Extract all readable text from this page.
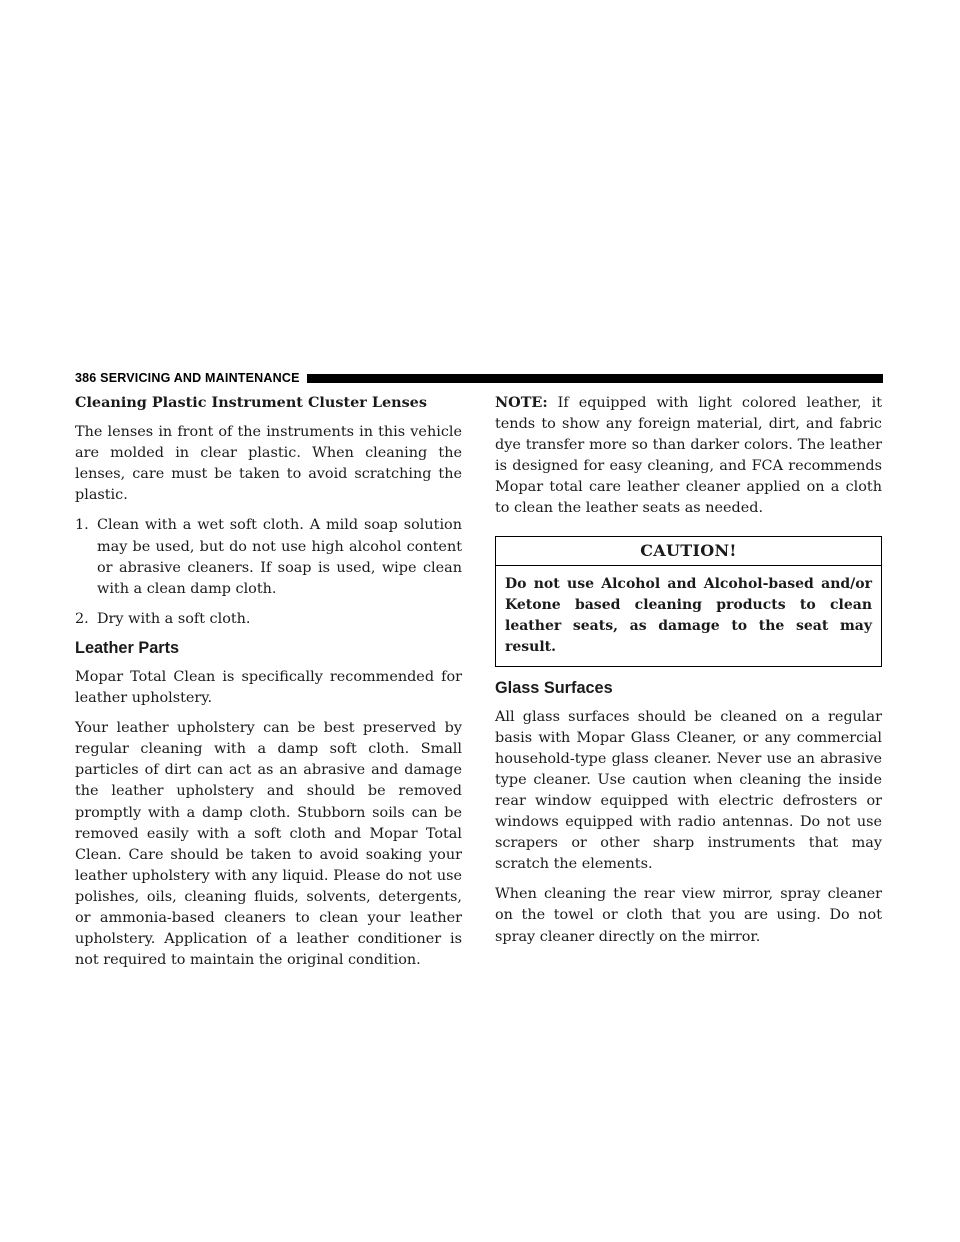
386 SERVICING AND MAINTENANCE
Cleaning Plastic Instrument Cluster Lenses

The lenses in front of the instruments in this vehicle are molded in clear plastic. When cleaning the lenses, care must be taken to avoid scratching the plastic.

1. Clean with a wet soft cloth. A mild soap solution may be used, but do not use high alcohol content or abrasive cleaners. If soap is used, wipe clean with a clean damp cloth.
2. Dry with a soft cloth.
Leather Parts

Mopar Total Clean is specifically recommended for leather upholstery.

Your leather upholstery can be best preserved by regular cleaning with a damp soft cloth. Small particles of dirt can act as an abrasive and damage the leather upholstery and should be removed promptly with a damp cloth. Stubborn soils can be removed easily with a soft cloth and Mopar Total Clean. Care should be taken to avoid soaking your leather upholstery with any liquid. Please do not use polishes, oils, cleaning fluids, solvents, detergents, or ammonia-based cleaners to clean your leather upholstery. Application of a leather conditioner is not required to maintain the original condition.

NOTE: If equipped with light colored leather, it tends to show any foreign material, dirt, and fabric dye transfer more so than darker colors. The leather is designed for easy cleaning, and FCA recommends Mopar total care leather cleaner applied on a cloth to clean the leather seats as needed.

CAUTION!
Do not use Alcohol and Alcohol-based and/or Ketone based cleaning products to clean leather seats, as damage to the seat may result.
Glass Surfaces

All glass surfaces should be cleaned on a regular basis with Mopar Glass Cleaner, or any commercial household-type glass cleaner. Never use an abrasive type cleaner. Use caution when cleaning the inside rear window equipped with electric defrosters or windows equipped with radio antennas. Do not use scrapers or other sharp instruments that may scratch the elements.

When cleaning the rear view mirror, spray cleaner on the towel or cloth that you are using. Do not spray cleaner directly on the mirror.
